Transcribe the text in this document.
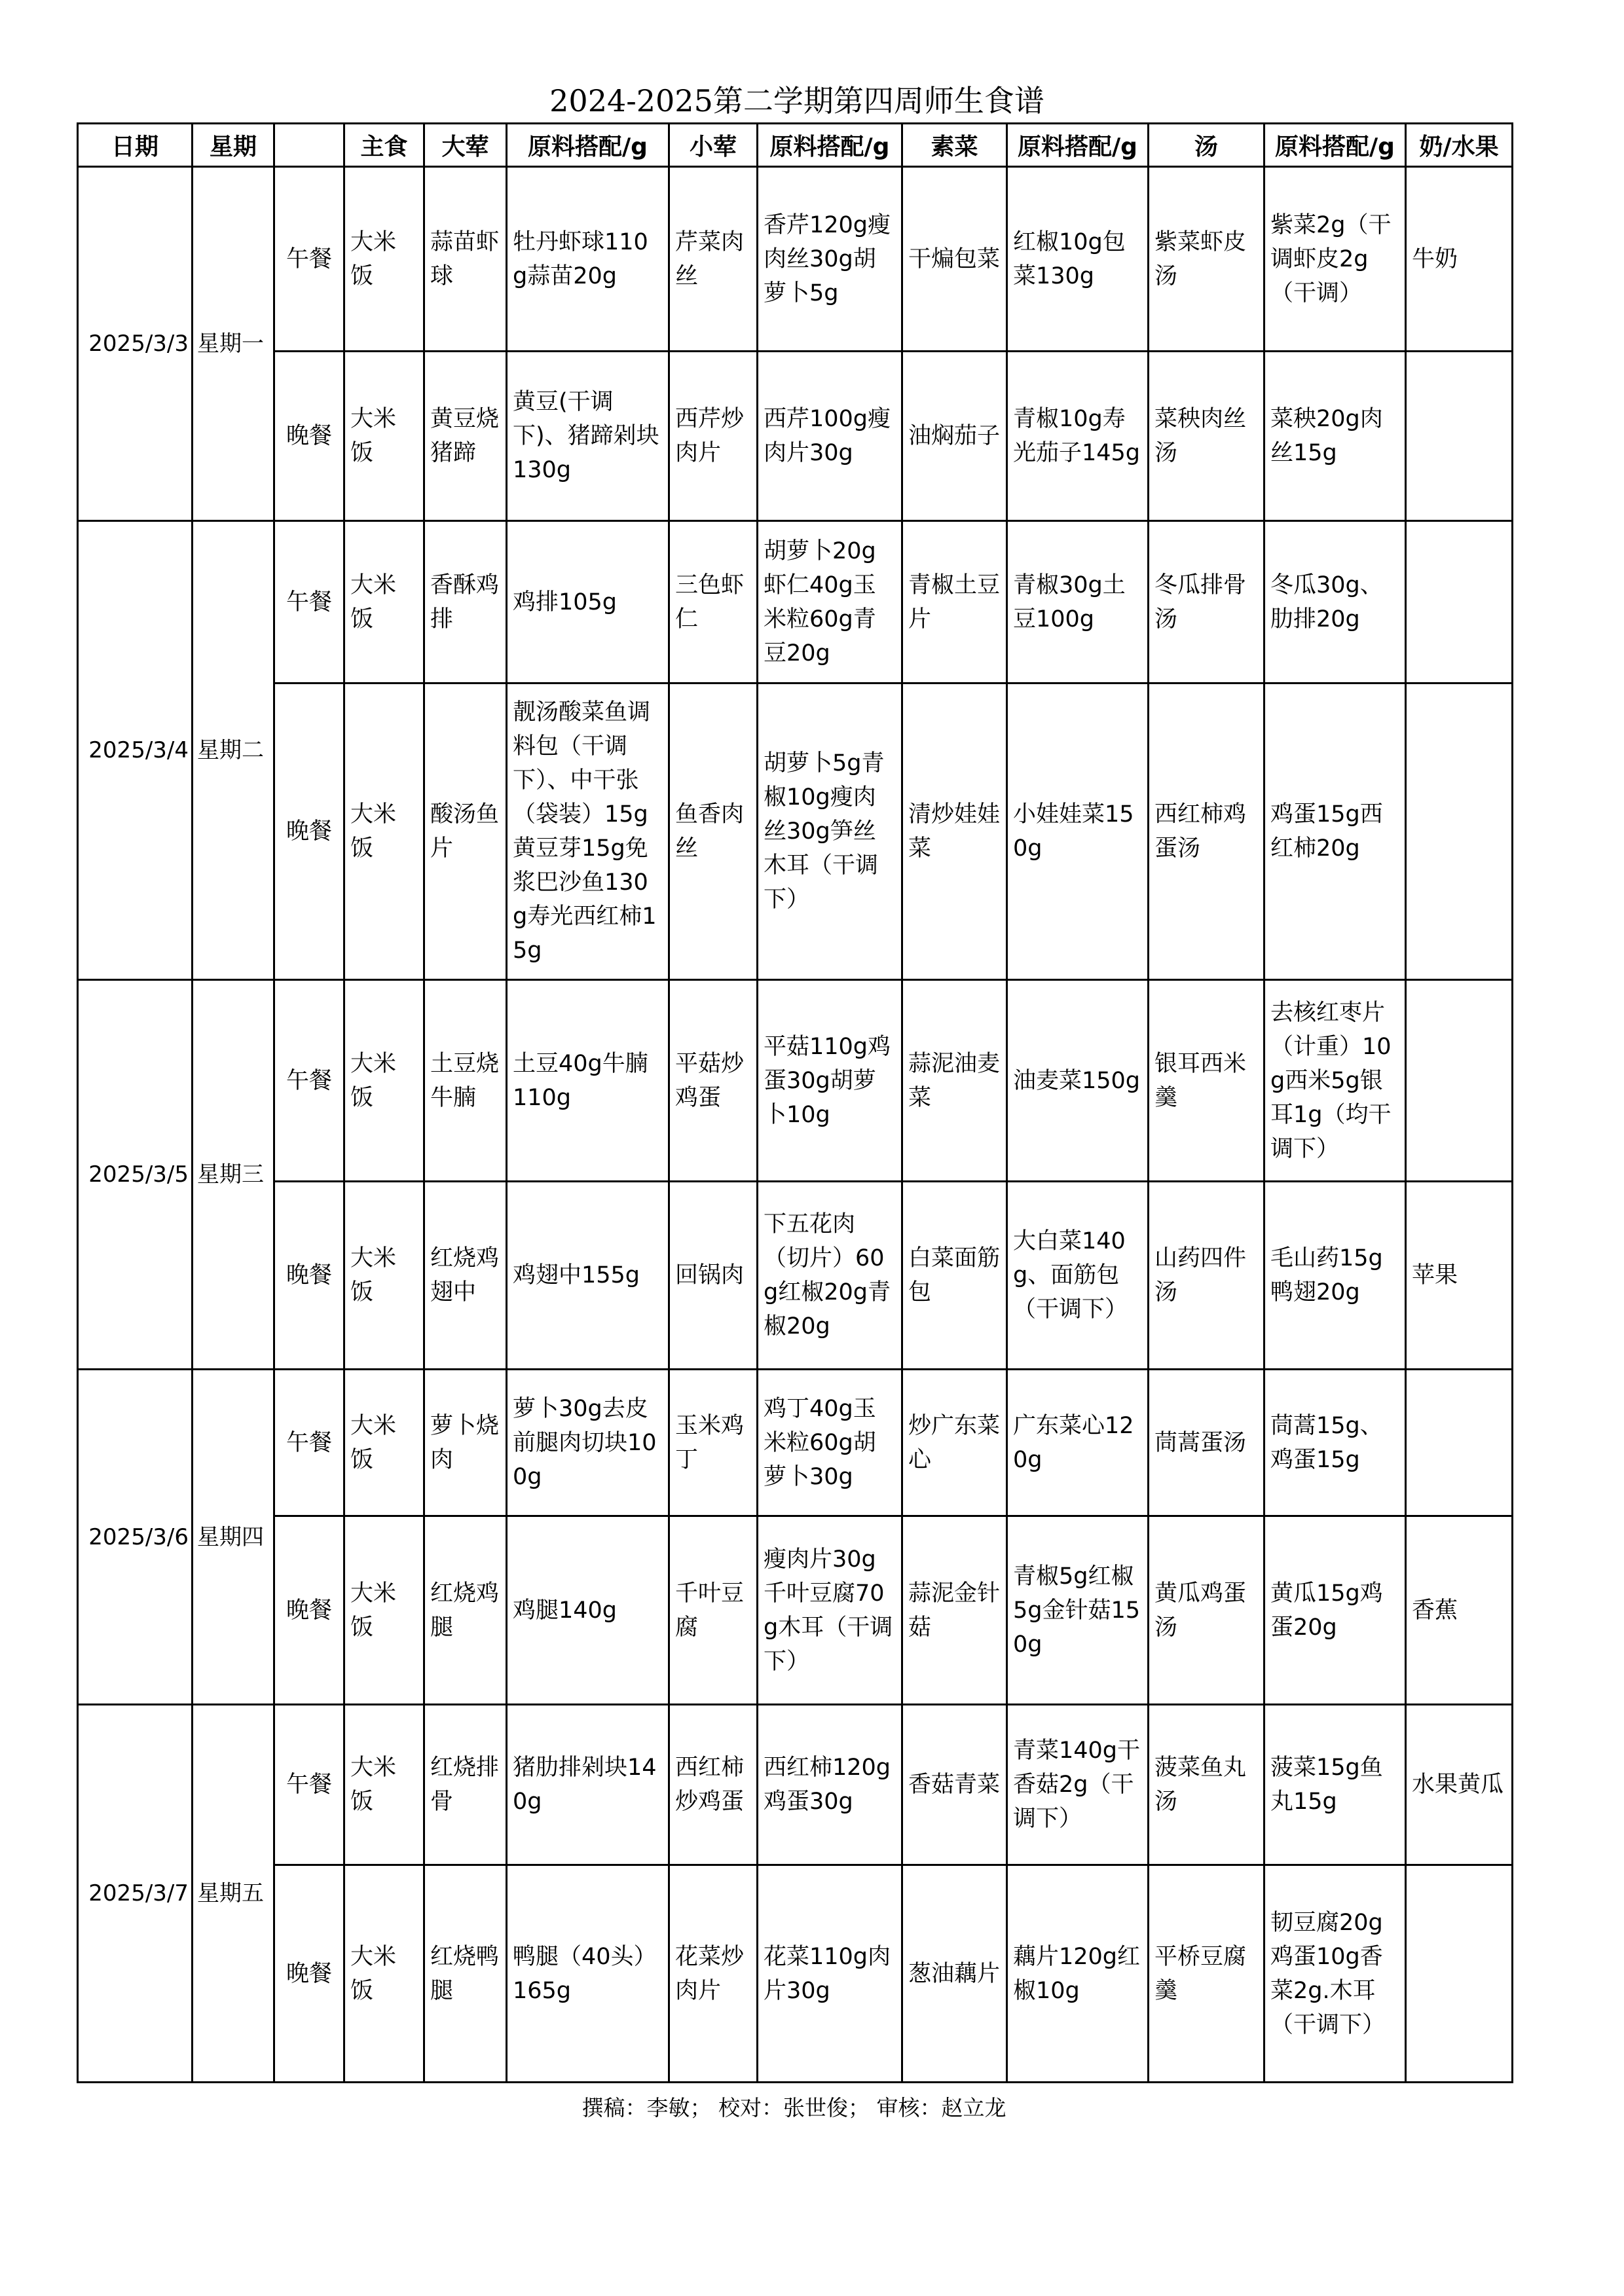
2024-2025第二学期第四周师生食谱
日期	星期		主食	大荤	原料搭配/g	小荤	原料搭配/g	素菜	原料搭配/g	汤	原料搭配/g	奶/水果
2025/3/3	星期一	午餐	大米饭	蒜苗虾球	牡丹虾球110g蒜苗20g	芹菜肉丝	香芹120g瘦肉丝30g胡萝卜5g	干煸包菜	红椒10g包菜130g	紫菜虾皮汤	紫菜2g（干调虾皮2g（干调）	牛奶
		晚餐	大米饭	黄豆烧猪蹄	黄豆(干调下)、猪蹄剁块130g	西芹炒肉片	西芹100g瘦肉片30g	油焖茄子	青椒10g寿光茄子145g	菜秧肉丝汤	菜秧20g肉丝15g	
2025/3/4	星期二	午餐	大米饭	香酥鸡排	鸡排105g	三色虾仁	胡萝卜20g虾仁40g玉米粒60g青豆20g	青椒土豆片	青椒30g土豆100g	冬瓜排骨汤	冬瓜30g、肋排20g	
		晚餐	大米饭	酸汤鱼片	靓汤酸菜鱼调料包（干调下）、中干张（袋装）15g黄豆芽15g免浆巴沙鱼130g寿光西红柿15g	鱼香肉丝	胡萝卜5g青椒10g瘦肉丝30g笋丝木耳（干调下）	清炒娃娃菜	小娃娃菜150g	西红柿鸡蛋汤	鸡蛋15g西红柿20g	
2025/3/5	星期三	午餐	大米饭	土豆烧牛腩	土豆40g牛腩110g	平菇炒鸡蛋	平菇110g鸡蛋30g胡萝卜10g	蒜泥油麦菜	油麦菜150g	银耳西米羹	去核红枣片（计重）10g西米5g银耳1g（均干调下）	
		晚餐	大米饭	红烧鸡翅中	鸡翅中155g	回锅肉	下五花肉（切片）60g红椒20g青椒20g	白菜面筋包	大白菜140g、面筋包（干调下）	山药四件汤	毛山药15g鸭翅20g	苹果
2025/3/6	星期四	午餐	大米饭	萝卜烧肉	萝卜30g去皮前腿肉切块100g	玉米鸡丁	鸡丁40g玉米粒60g胡萝卜30g	炒广东菜心	广东菜心120g	茼蒿蛋汤	茼蒿15g、鸡蛋15g	
		晚餐	大米饭	红烧鸡腿	鸡腿140g	千叶豆腐	瘦肉片30g千叶豆腐70g木耳（干调下）	蒜泥金针菇	青椒5g红椒5g金针菇150g	黄瓜鸡蛋汤	黄瓜15g鸡蛋20g	香蕉
2025/3/7	星期五	午餐	大米饭	红烧排骨	猪肋排剁块140g	西红柿炒鸡蛋	西红柿120g鸡蛋30g	香菇青菜	青菜140g干香菇2g（干调下）	菠菜鱼丸汤	菠菜15g鱼丸15g	水果黄瓜
		晚餐	大米饭	红烧鸭腿	鸭腿（40头）165g	花菜炒肉片	花菜110g肉片30g	葱油藕片	藕片120g红椒10g	平桥豆腐羹	韧豆腐20g鸡蛋10g香菜2g.木耳（干调下）	
撰稿：李敏； 校对：张世俊； 审核：赵立龙
